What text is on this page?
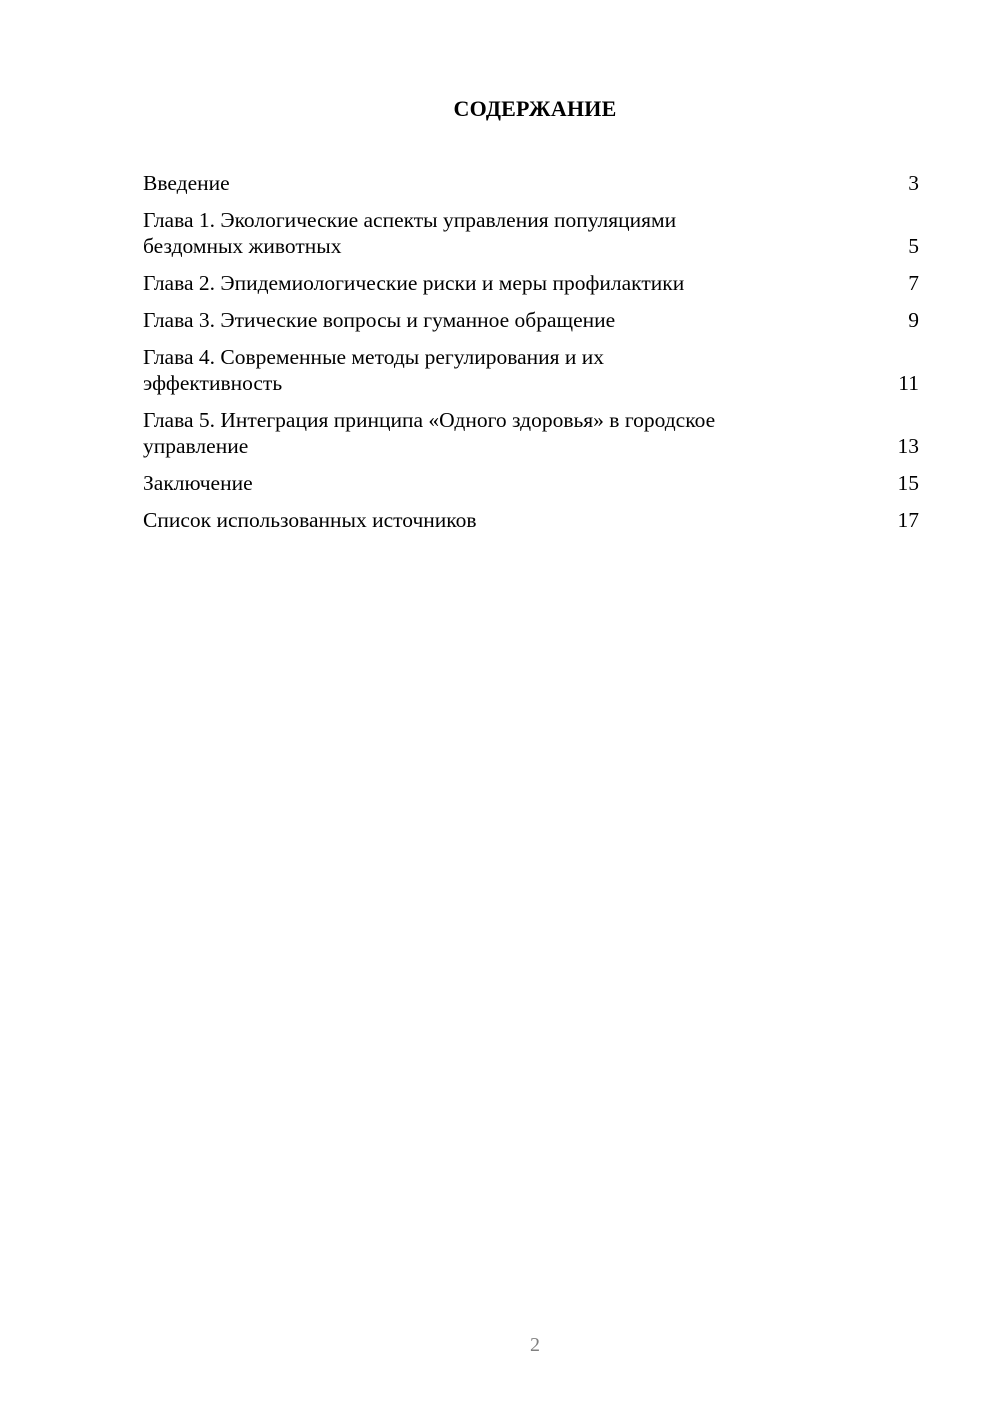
СОДЕРЖАНИЕ
Введение	3
Глава 1. Экологические аспекты управления популяциями
бездомных животных	5
Глава 2. Эпидемиологические риски и меры профилактики	7
Глава 3. Этические вопросы и гуманное обращение	9
Глава 4. Современные методы регулирования и их
эффективность	11
Глава 5. Интеграция принципа «Одного здоровья» в городское
управление	13
Заключение	15
Список использованных источников	17
2
